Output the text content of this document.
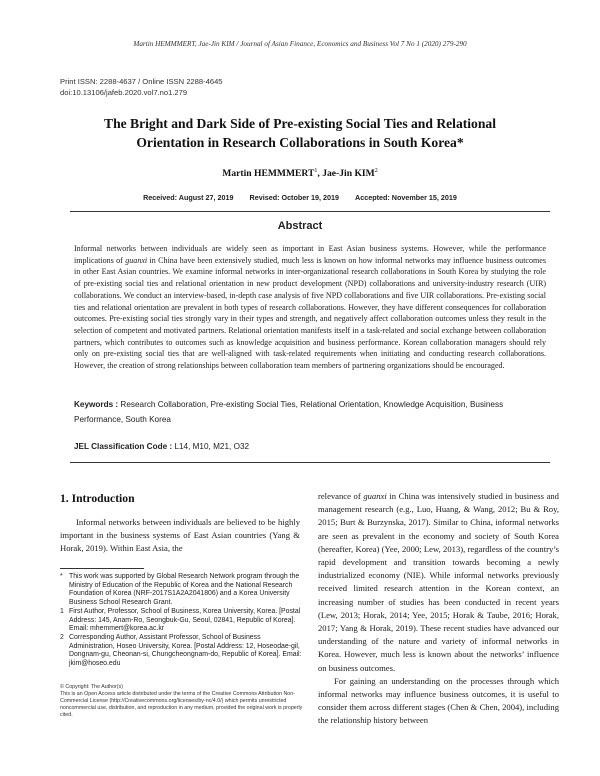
Martin HEMMMERT, Jae-Jin KIM / Journal of Asian Finance, Economics and Business Vol 7 No 1 (2020) 279-290
Print ISSN: 2288-4637 / Online ISSN 2288-4645
doi:10.13106/jafeb.2020.vol7.no1.279
The Bright and Dark Side of Pre-existing Social Ties and Relational
Orientation in Research Collaborations in South Korea*
Martin HEMMMERT$^1$, Jae-Jin KIM$^2$
Received: August 27, 2019 Revised: October 19, 2019 Accepted: November 15, 2019
Abstract
Informal networks between individuals are widely seen as important in East Asian business systems. However, while the performance implications of guanxi in China have been extensively studied, much less is known on how informal networks may influence business outcomes in other East Asian countries. We examine informal networks in inter-organizational research collaborations in South Korea by studying the role of pre-existing social ties and relational orientation in new product development (NPD) collaborations and university-industry research (UIR) collaborations. We conduct an interview-based, in-depth case analysis of five NPD collaborations and five UIR collaborations. Pre-existing social ties and relational orientation are prevalent in both types of research collaborations. However, they have different consequences for collaboration outcomes. Pre-existing social ties strongly vary in their types and strength, and negatively affect collaboration outcomes unless they result in the selection of competent and motivated partners. Relational orientation manifests itself in a task-related and social exchange between collaboration partners, which contributes to outcomes such as knowledge acquisition and business performance. Korean collaboration managers should rely only on pre-existing social ties that are well-aligned with task-related requirements when initiating and conducting research collaborations. However, the creation of strong relationships between collaboration team members of partnering organizations should be encouraged.
Keywords : Research Collaboration, Pre-existing Social Ties, Relational Orientation, Knowledge Acquisition, Business Performance, South Korea
JEL Classification Code : L14, M10, M21, O32
1. Introduction

Informal networks between individuals are believed to be highly important in the business systems of East Asian countries (Yang & Horak, 2019). Within East Asia, the

* This work was supported by Global Research Network program through the Ministry of Education of the Republic of Korea and the National Research Foundation of Korea (NRF-2017S1A2A2041806) and a Korea University Business School Research Grant.
1 First Author, Professor, School of Business, Korea University, Korea. [Postal Address: 145, Anam-Ro, Seongbuk-Gu, Seoul, 02841, Republic of Korea]. Email: mhemmert@korea.ac.kr
2 Corresponding Author, Assistant Professor, School of Business Administration, Hoseo University, Korea. [Postal Address: 12, Hoseodae-gil, Dongnam-gu, Cheonan-si, Chungcheongnam-do, Republic of Korea]. Email: jkim@hoseo.edu
© Copyright: The Author(s)
This is an Open Access article distributed under the terms of the Creative Commons Attribution Non-Commercial License (http://Creativecommons.org/licenses/by-nc/4.0/) which permits unrestricted noncommercial use, distribution, and reproduction in any medium, provided the original work is properly cited.

relevance of guanxi in China was intensively studied in business and management research (e.g., Luo, Huang, & Wang, 2012; Bu & Roy, 2015; Burt & Burzynska, 2017). Similar to China, informal networks are seen as prevalent in the economy and society of South Korea (hereafter, Korea) (Yee, 2000; Lew, 2013), regardless of the country’s rapid development and transition towards becoming a newly industrialized economy (NIE). While informal networks previously received limited research attention in the Korean context, an increasing number of studies has been conducted in recent years (Lew, 2013; Horak, 2014; Yee, 2015; Horak & Taube, 2016; Horak, 2017; Yang & Horak, 2019). These recent studies have advanced our understanding of the nature and variety of informal networks in Korea. However, much less is known about the networks’ influence on business outcomes.

For gaining an understanding on the processes through which informal networks may influence business outcomes, it is useful to consider them across different stages (Chen & Chen, 2004), including the relationship history between
